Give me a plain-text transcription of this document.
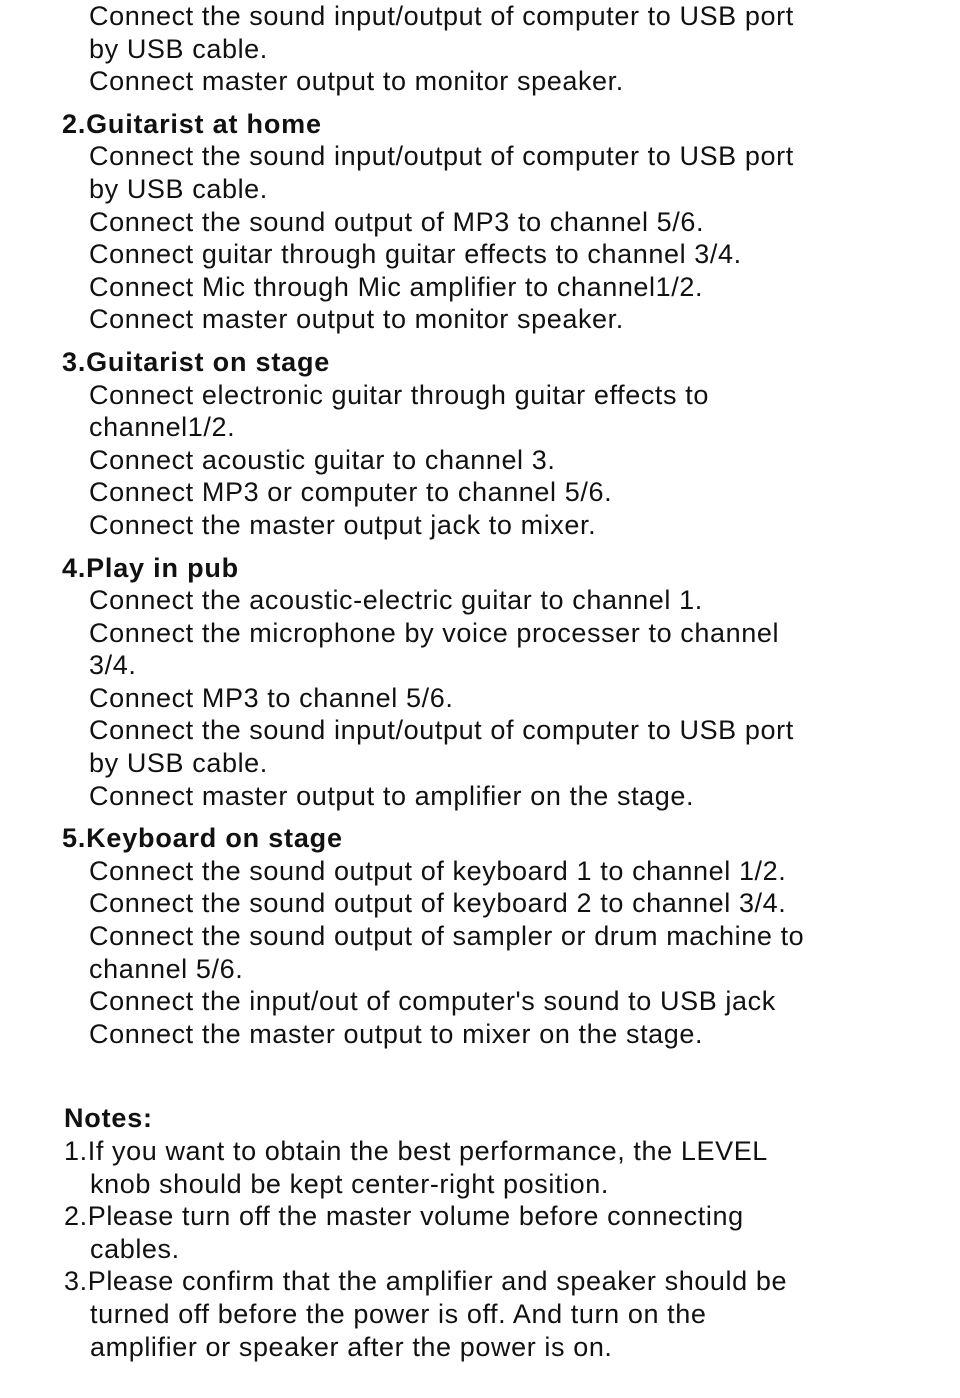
Connect the sound input/output of computer to USB port
by USB cable.
Connect master output to monitor speaker.
2.Guitarist at home
Connect the sound input/output of computer to USB port
by USB cable.
Connect the sound output of MP3 to channel 5/6.
Connect guitar through guitar effects to channel 3/4.
Connect Mic through Mic amplifier to channel1/2.
Connect master output to monitor speaker.
3.Guitarist on stage
Connect electronic guitar through guitar effects to
channel1/2.
Connect acoustic guitar to channel 3.
Connect MP3 or computer to channel 5/6.
Connect the master output jack to mixer.
4.Play in pub
Connect the acoustic-electric guitar to channel 1.
Connect the microphone by voice processer to channel
3/4.
Connect MP3 to channel 5/6.
Connect the sound input/output of computer to USB port
by USB cable.
Connect master output to amplifier on the stage.
5.Keyboard on stage
Connect the sound output of keyboard 1 to channel 1/2.
Connect the sound output of keyboard 2 to channel 3/4.
Connect the sound output of sampler or drum machine to
channel 5/6.
Connect the input/out of computer's sound to USB jack
Connect the master output to mixer on the stage.
Notes:
1.If you want to obtain the best performance, the LEVEL
knob should be kept center-right position.
2.Please turn off the master volume before connecting
cables.
3.Please confirm that the amplifier and speaker should be
turned off before the power is off. And turn on the
amplifier or speaker after the power is on.
